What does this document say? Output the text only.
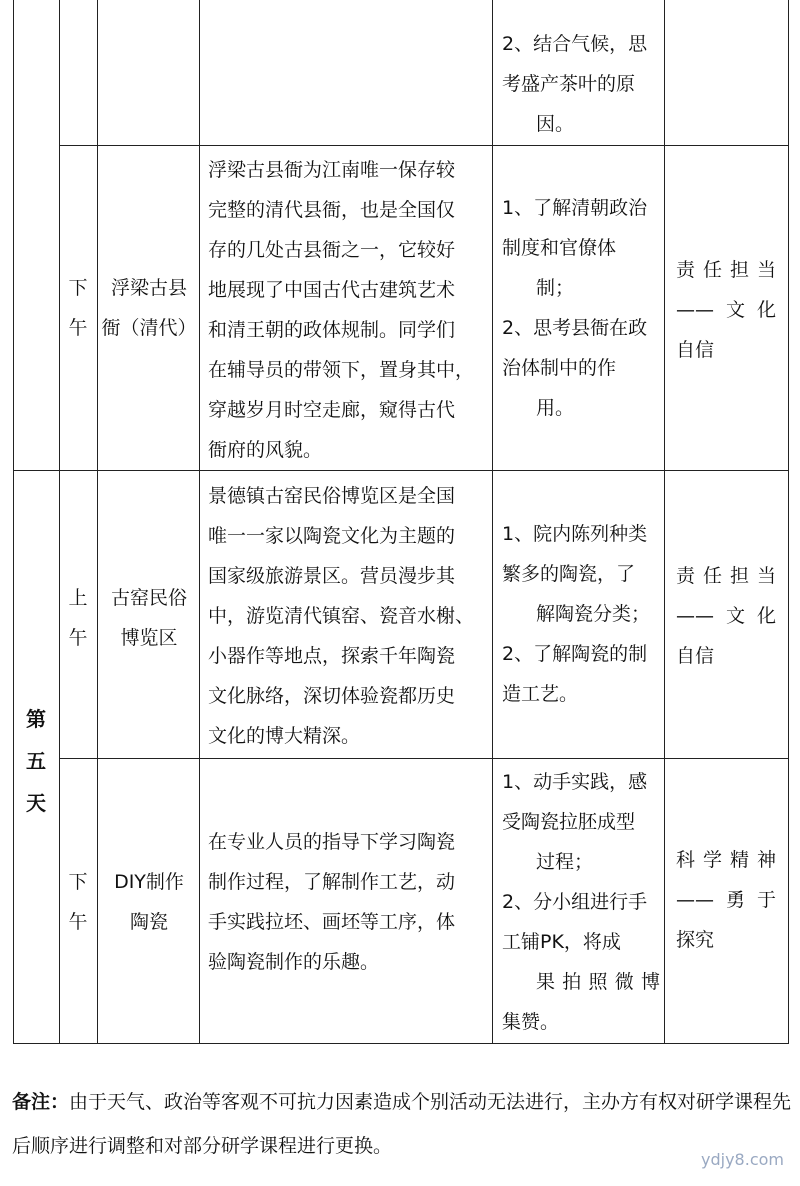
2、结合气候，思
考盛产茶叶的原
因。
下
午
浮梁古县
衙（清代）
浮梁古县衙为江南唯一保存较
完整的清代县衙，也是全国仅
存的几处古县衙之一，它较好
地展现了中国古代古建筑艺术
和清王朝的政体规制。同学们
在辅导员的带领下，置身其中，
穿越岁月时空走廊，窥得古代
衙府的风貌。
1、了解清朝政治
制度和官僚体
制；
2、思考县衙在政
治体制中的作
用。
责任担当
——文化
自信
第
五
天
上
午
古窑民俗
博览区
景德镇古窑民俗博览区是全国
唯一一家以陶瓷文化为主题的
国家级旅游景区。营员漫步其
中，游览清代镇窑、瓷音水榭、
小器作等地点，探索千年陶瓷
文化脉络，深切体验瓷都历史
文化的博大精深。
1、院内陈列种类
繁多的陶瓷，了
解陶瓷分类；
2、了解陶瓷的制
造工艺。
责任担当
——文化
自信
下
午
DIY制作
陶瓷
在专业人员的指导下学习陶瓷
制作过程，了解制作工艺，动
手实践拉坯、画坯等工序，体
验陶瓷制作的乐趣。
1、动手实践，感
受陶瓷拉胚成型
过程；
2、分小组进行手
工铺PK，将成
果拍照微博
集赞。
科学精神
——勇于
探究
备注：由于天气、政治等客观不可抗力因素造成个别活动无法进行，主办方有权对研学课程先后顺序进行调整和对部分研学课程进行更换。
ydjy8.com
